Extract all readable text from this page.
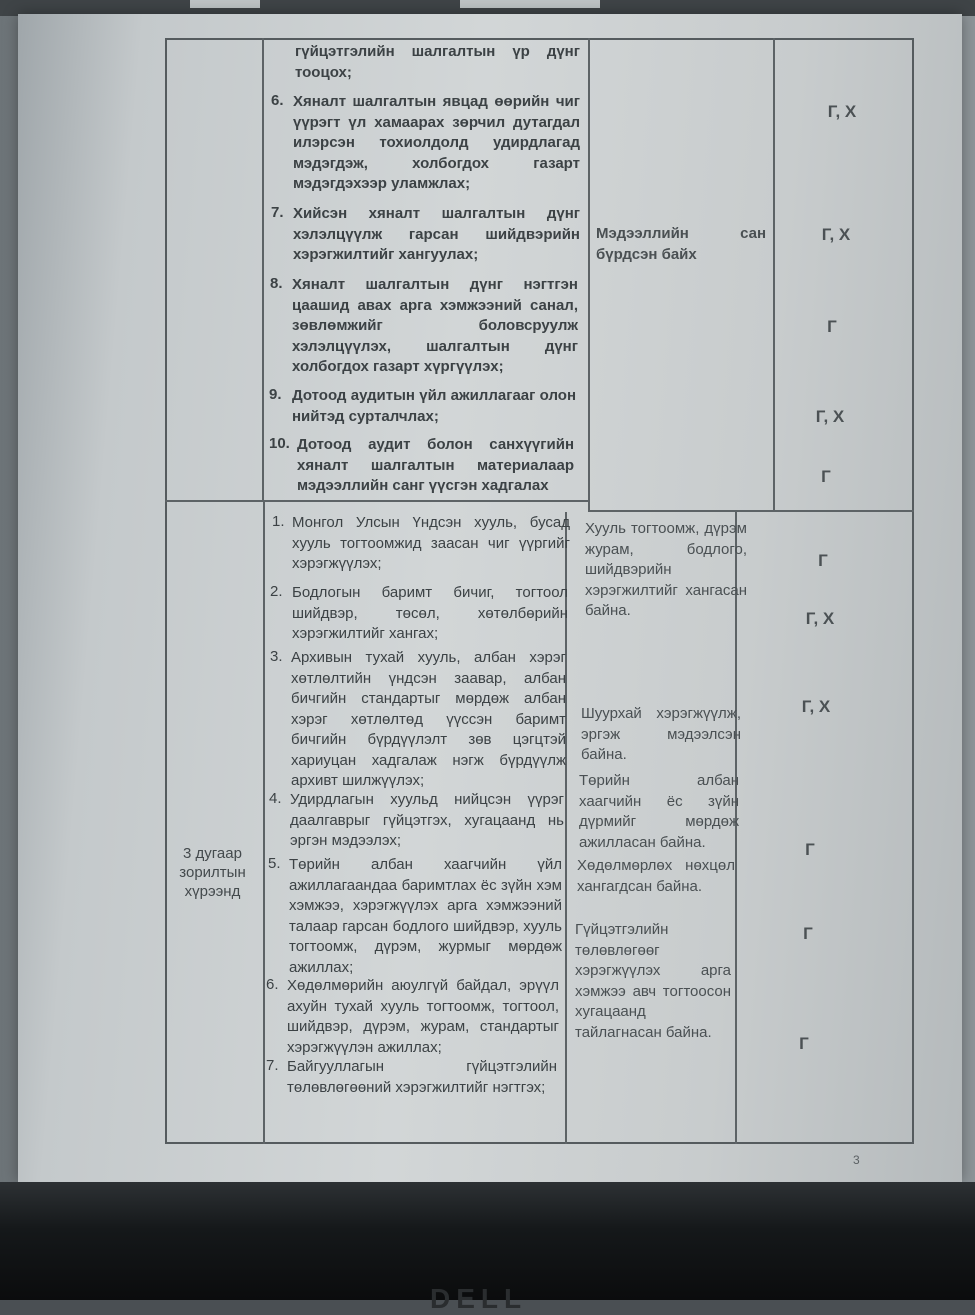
гүйцэтгэлийн шалгалтын үр дүнг тооцох;
6. Хяналт шалгалтын явцад өөрийн чиг үүрэгт үл хамаарах зөрчил дутагдал илэрсэн тохиолдолд удирдлагад мэдэгдэж, холбогдох газарт мэдэгдэхээр уламжлах;
7. Хийсэн хяналт шалгалтын дүнг хэлэлцүүлж гарсан шийдвэрийн хэрэгжилтийг хангуулах;
8. Хяналт шалгалтын дүнг нэгтгэн цаашид авах арга хэмжээний санал, зөвлөмжийг боловсруулж хэлэлцүүлэх, шалгалтын дүнг холбогдох газарт хүргүүлэх;
9. Дотоод аудитын үйл ажиллагааг олон нийтэд сурталчлах;
10. Дотоод аудит болон санхүүгийн хяналт шалгалтын материалаар мэдээллийн санг үүсгэн хадгалах
Мэдээллийн сан бүрдсэн байх
Г, Х
Г, Х
Г
Г, Х
Г
3 дугаар зорилтын хүрээнд
1. Монгол Улсын Үндсэн хууль, бусад хууль тогтоомжид заасан чиг үүргийг хэрэгжүүлэх;
2. Бодлогын баримт бичиг, тогтоол шийдвэр, төсөл, хөтөлбөрийн хэрэгжилтийг хангах;
3. Архивын тухай хууль, албан хэрэг хөтлөлтийн үндсэн заавар, албан бичгийн стандартыг мөрдөж албан хэрэг хөтлөлтөд үүссэн баримт бичгийн бүрдүүлэлт зөв цэгцтэй хариуцан хадгалаж нэгж бүрдүүлж архивт шилжүүлэх;
4. Удирдлагын хуульд нийцсэн үүрэг даалгаврыг гүйцэтгэх, хугацаанд нь эргэн мэдээлэх;
5. Төрийн албан хаагчийн үйл ажиллагаандаа баримтлах ёс зүйн хэм хэмжээ, хэрэгжүүлэх арга хэмжээний талаар гарсан бодлого шийдвэр, хууль тогтоомж, дүрэм, журмыг мөрдөж ажиллах;
6. Хөдөлмөрийн аюулгүй байдал, эрүүл ахуйн тухай хууль тогтоомж, тогтоол, шийдвэр, дүрэм, журам, стандартыг хэрэгжүүлэн ажиллах;
7. Байгууллагын гүйцэтгэлийн төлөвлөгөөний хэрэгжилтийг нэгтгэх;
Хууль тогтоомж, дүрэм журам, бодлого, шийдвэрийн хэрэгжилтийг хангасан байна.
Шуурхай хэрэгжүүлж, эргэж мэдээлсэн байна.
Төрийн албан хаагчийн ёс зүйн дүрмийг мөрдөж ажилласан байна.
Хөдөлмөрлөх нөхцөл хангагдсан байна.
Гүйцэтгэлийн төлөвлөгөөг хэрэгжүүлэх арга хэмжээ авч тогтоосон хугацаанд тайлагнасан байна.
Г
Г, Х
Г, Х
Г
Г
Г
3
DELL
